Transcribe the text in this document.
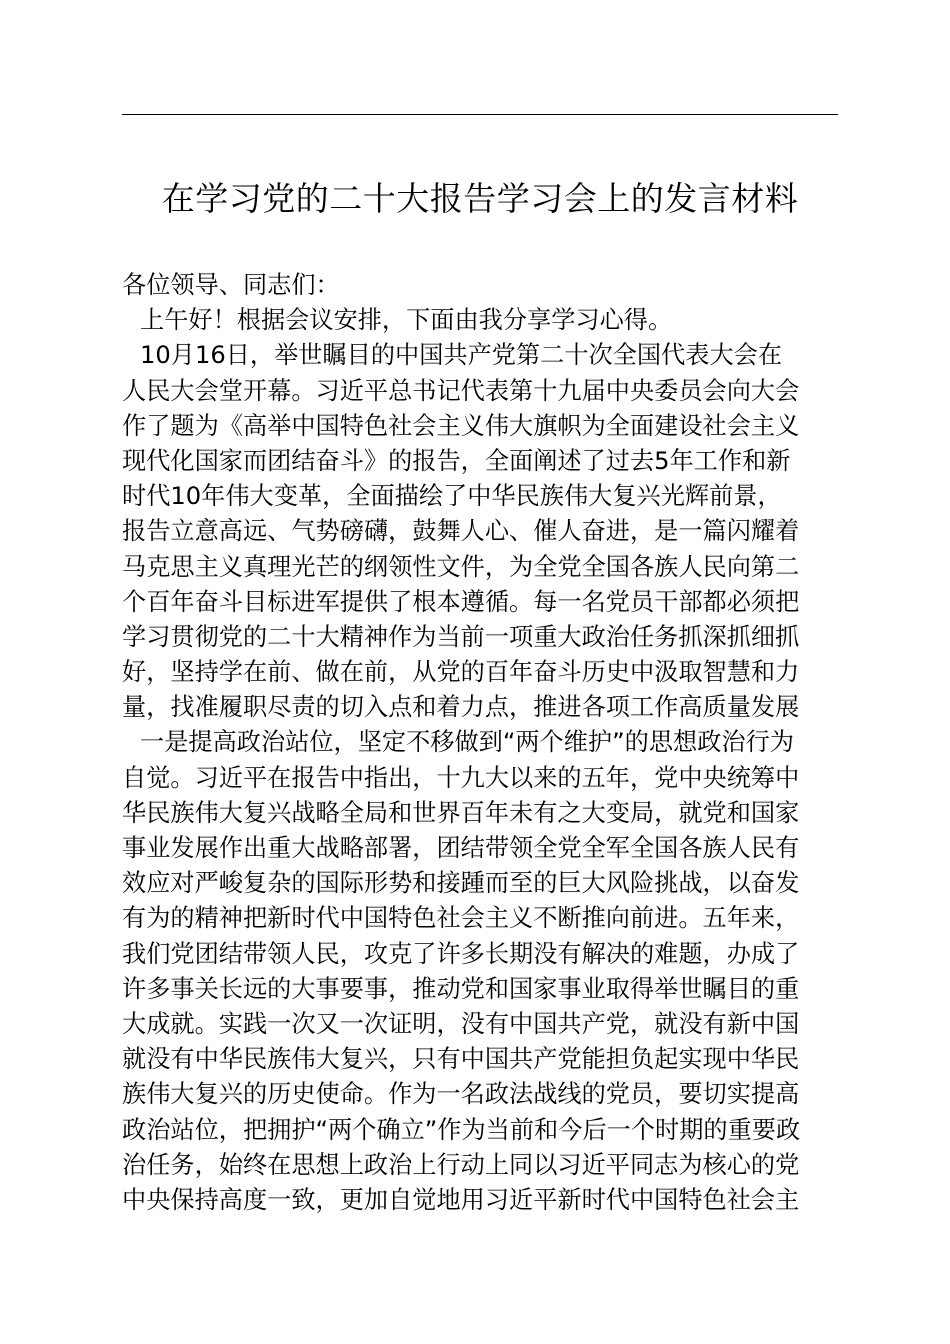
在学习党的二十大报告学习会上的发言材料
各位领导、同志们：
上午好！根据会议安排，下面由我分享学习心得。
10月16日，举世瞩目的中国共产党第二十次全国代表大会在
人民大会堂开幕。习近平总书记代表第十九届中央委员会向大会
作了题为《高举中国特色社会主义伟大旗帜为全面建设社会主义
现代化国家而团结奋斗》的报告，全面阐述了过去5年工作和新
时代10年伟大变革，全面描绘了中华民族伟大复兴光辉前景，
报告立意高远、气势磅礴，鼓舞人心、催人奋进，是一篇闪耀着
马克思主义真理光芒的纲领性文件，为全党全国各族人民向第二
个百年奋斗目标进军提供了根本遵循。每一名党员干部都必须把
学习贯彻党的二十大精神作为当前一项重大政治任务抓深抓细抓
好，坚持学在前、做在前，从党的百年奋斗历史中汲取智慧和力
量，找准履职尽责的切入点和着力点，推进各项工作高质量发展
一是提高政治站位，坚定不移做到“两个维护”的思想政治行为
自觉。习近平在报告中指出，十九大以来的五年，党中央统筹中
华民族伟大复兴战略全局和世界百年未有之大变局，就党和国家
事业发展作出重大战略部署，团结带领全党全军全国各族人民有
效应对严峻复杂的国际形势和接踵而至的巨大风险挑战，以奋发
有为的精神把新时代中国特色社会主义不断推向前进。五年来，
我们党团结带领人民，攻克了许多长期没有解决的难题，办成了
许多事关长远的大事要事，推动党和国家事业取得举世瞩目的重
大成就。实践一次又一次证明，没有中国共产党，就没有新中国
就没有中华民族伟大复兴，只有中国共产党能担负起实现中华民
族伟大复兴的历史使命。作为一名政法战线的党员，要切实提高
政治站位，把拥护“两个确立”作为当前和今后一个时期的重要政
治任务，始终在思想上政治上行动上同以习近平同志为核心的党
中央保持高度一致，更加自觉地用习近平新时代中国特色社会主
